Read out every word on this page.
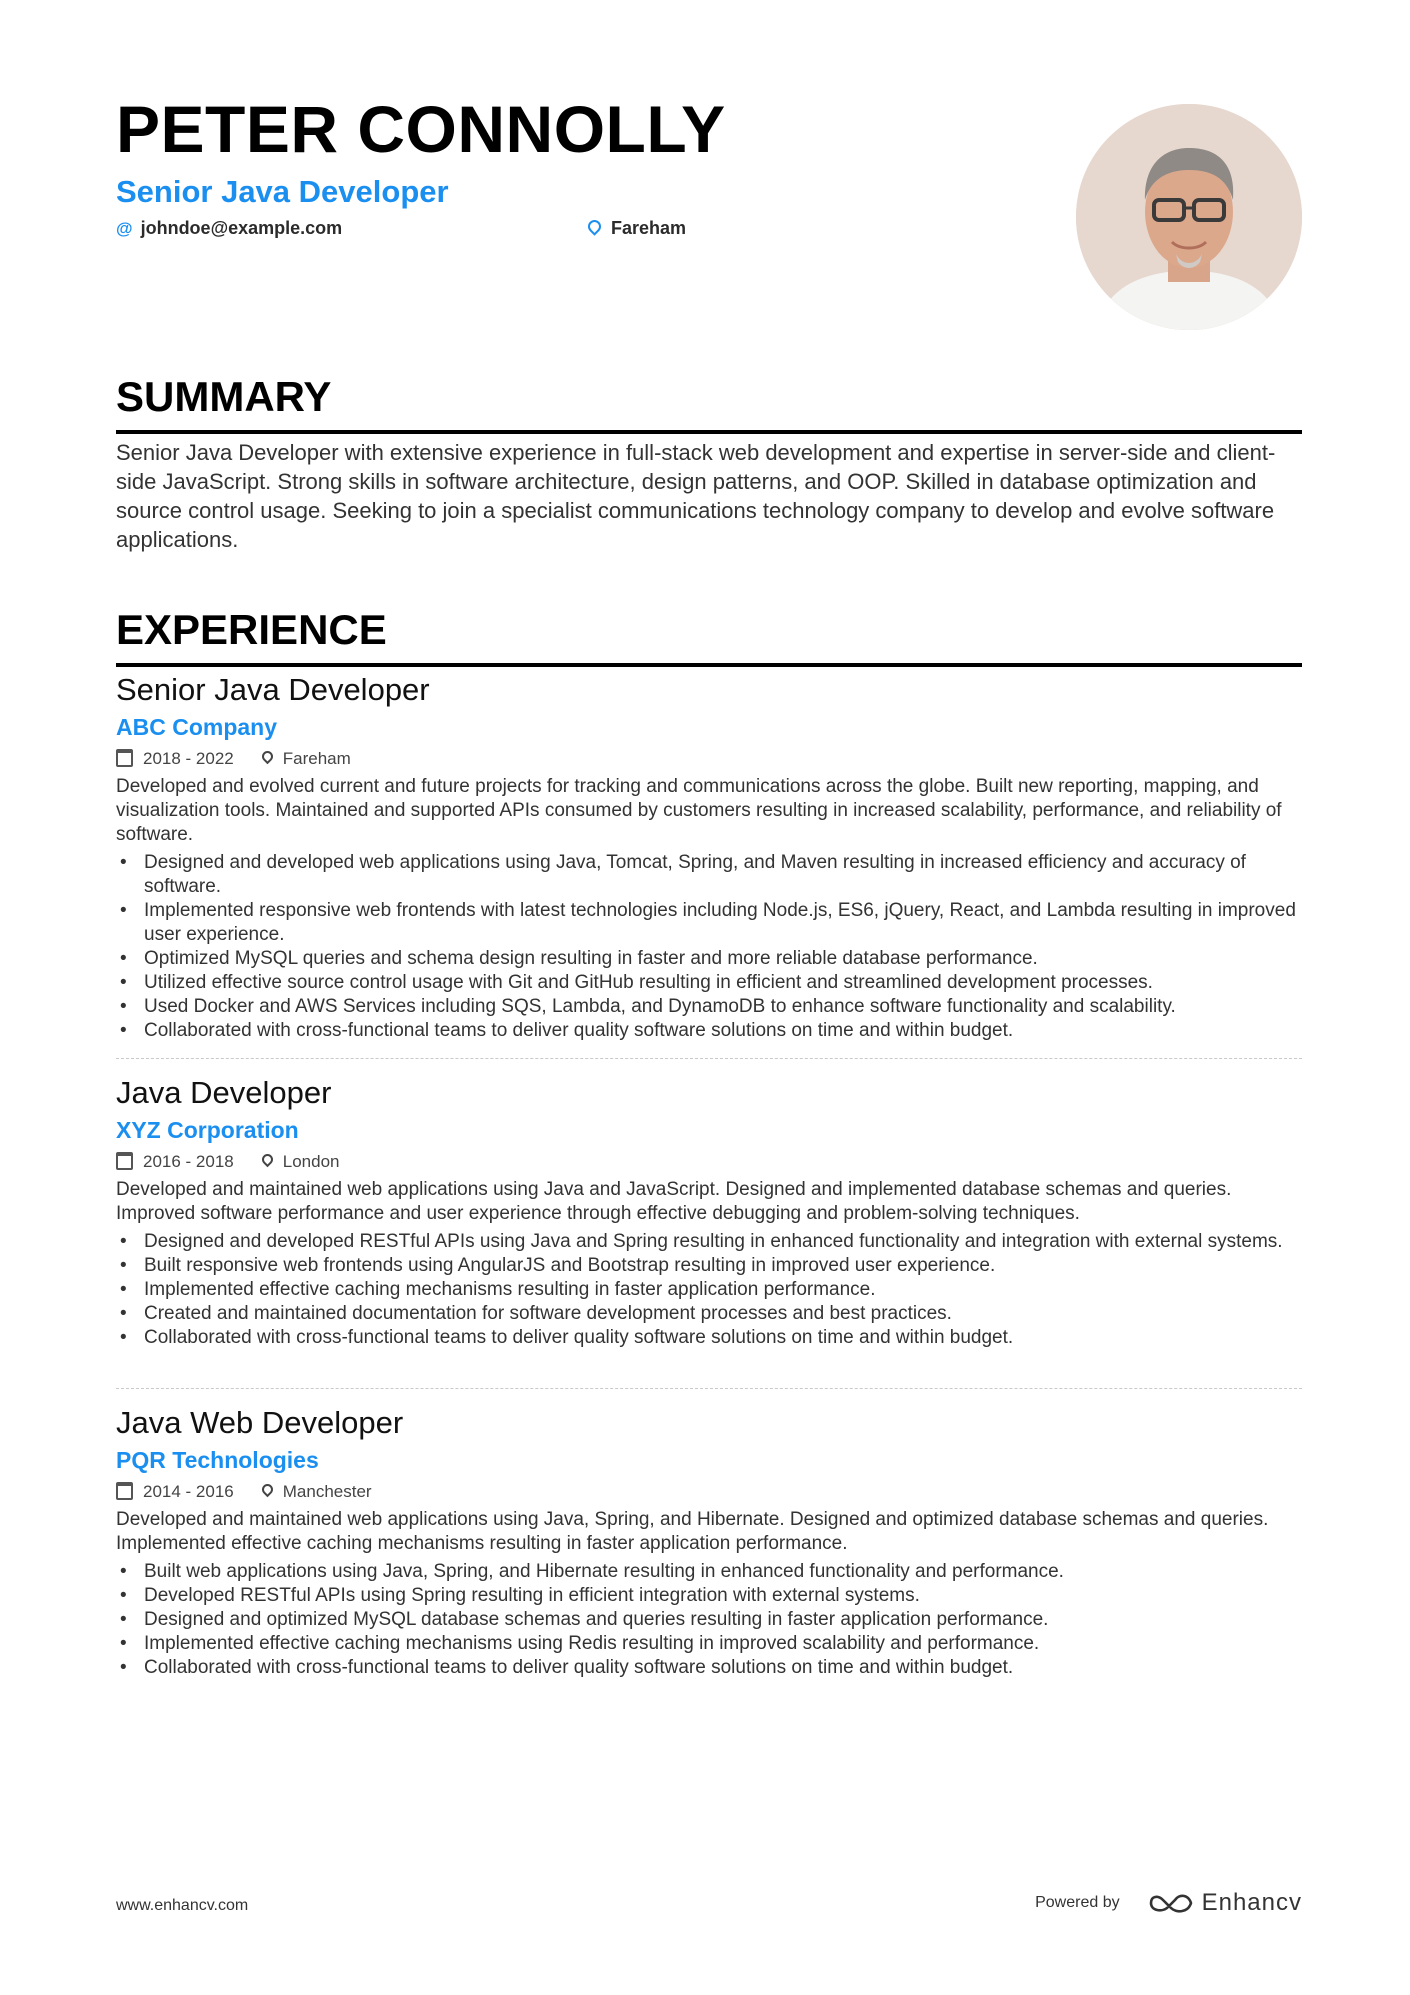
PETER CONNOLLY
Senior Java Developer
@ johndoe@example.com	Fareham
SUMMARY
Senior Java Developer with extensive experience in full-stack web development and expertise in server-side and client-side JavaScript. Strong skills in software architecture, design patterns, and OOP. Skilled in database optimization and source control usage. Seeking to join a specialist communications technology company to develop and evolve software applications.
EXPERIENCE
Senior Java Developer
ABC Company
2018 - 2022	Fareham
Developed and evolved current and future projects for tracking and communications across the globe. Built new reporting, mapping, and visualization tools. Maintained and supported APIs consumed by customers resulting in increased scalability, performance, and reliability of software.
• Designed and developed web applications using Java, Tomcat, Spring, and Maven resulting in increased efficiency and accuracy of software.
• Implemented responsive web frontends with latest technologies including Node.js, ES6, jQuery, React, and Lambda resulting in improved user experience.
• Optimized MySQL queries and schema design resulting in faster and more reliable database performance.
• Utilized effective source control usage with Git and GitHub resulting in efficient and streamlined development processes.
• Used Docker and AWS Services including SQS, Lambda, and DynamoDB to enhance software functionality and scalability.
• Collaborated with cross-functional teams to deliver quality software solutions on time and within budget.
Java Developer
XYZ Corporation
2016 - 2018	London
Developed and maintained web applications using Java and JavaScript. Designed and implemented database schemas and queries. Improved software performance and user experience through effective debugging and problem-solving techniques.
• Designed and developed RESTful APIs using Java and Spring resulting in enhanced functionality and integration with external systems.
• Built responsive web frontends using AngularJS and Bootstrap resulting in improved user experience.
• Implemented effective caching mechanisms resulting in faster application performance.
• Created and maintained documentation for software development processes and best practices.
• Collaborated with cross-functional teams to deliver quality software solutions on time and within budget.
Java Web Developer
PQR Technologies
2014 - 2016	Manchester
Developed and maintained web applications using Java, Spring, and Hibernate. Designed and optimized database schemas and queries. Implemented effective caching mechanisms resulting in faster application performance.
• Built web applications using Java, Spring, and Hibernate resulting in enhanced functionality and performance.
• Developed RESTful APIs using Spring resulting in efficient integration with external systems.
• Designed and optimized MySQL database schemas and queries resulting in faster application performance.
• Implemented effective caching mechanisms using Redis resulting in improved scalability and performance.
• Collaborated with cross-functional teams to deliver quality software solutions on time and within budget.
www.enhancv.com	Powered by	Enhancv
